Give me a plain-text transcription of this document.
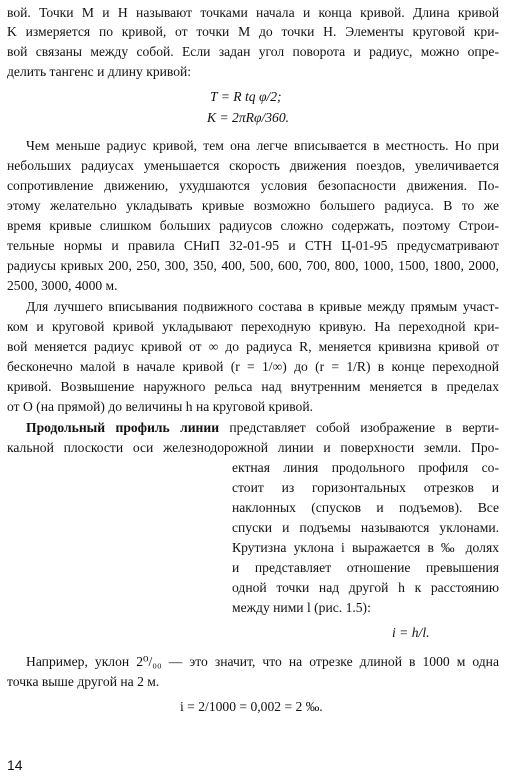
вой. Точки М и Н называют точками начала и конца кривой. Длина кривой
K измеряется по кривой, от точки М до точки Н. Элементы круговой кри-
вой связаны между собой. Если задан угол поворота и радиус, можно опре-
делить тангенс и длину кривой:
T = R tq φ/2;
K = 2πRφ/360.
Чем меньше радиус кривой, тем она легче вписывается в местность. Но при
небольших радиусах уменьшается скорость движения поездов, увеличивается
сопротивление движению, ухудшаются условия безопасности движения. По-
этому желательно укладывать кривые возможно большего радиуса. В то же
время кривые слишком больших радиусов сложно содержать, поэтому Строи-
тельные нормы и правила СНиП 32-01-95 и СТН Ц-01-95 предусматривают
радиусы кривых 200, 250, 300, 350, 400, 500, 600, 700, 800, 1000, 1500, 1800, 2000,
2500, 3000, 4000 м.
Для лучшего вписывания подвижного состава в кривые между прямым участ-
ком и круговой кривой укладывают переходную кривую. На переходной кри-
вой меняется радиус кривой от ∞ до радиуса R, меняется кривизна кривой от
бесконечно малой в начале кривой (r = 1/∞) до (r = 1/R) в конце переходной
кривой. Возвышение наружного рельса над внутренним меняется в пределах
от О (на прямой) до величины h на круговой кривой.
Продольный профиль линии представляет собой изображение в верти-
кальной плоскости оси железнодорожной линии и поверхности земли. Про-
ектная линия продольного профиля со-
стоит из горизонтальных отрезков и
наклонных (спусков и подъемов). Все
спуски и подъемы называются уклонами.
Крутизна уклона i выражается в ‰ долях
и представляет отношение превышения
одной точки над другой h к расстоянию
между ними l (рис. 1.5):
i = h/l.
Например, уклон 2⁰/₀₀ — это значит, что на отрезке длиной в 1000 м одна
точка выше другой на 2 м.
i = 2/1000 = 0,002 = 2 ‰.
14
